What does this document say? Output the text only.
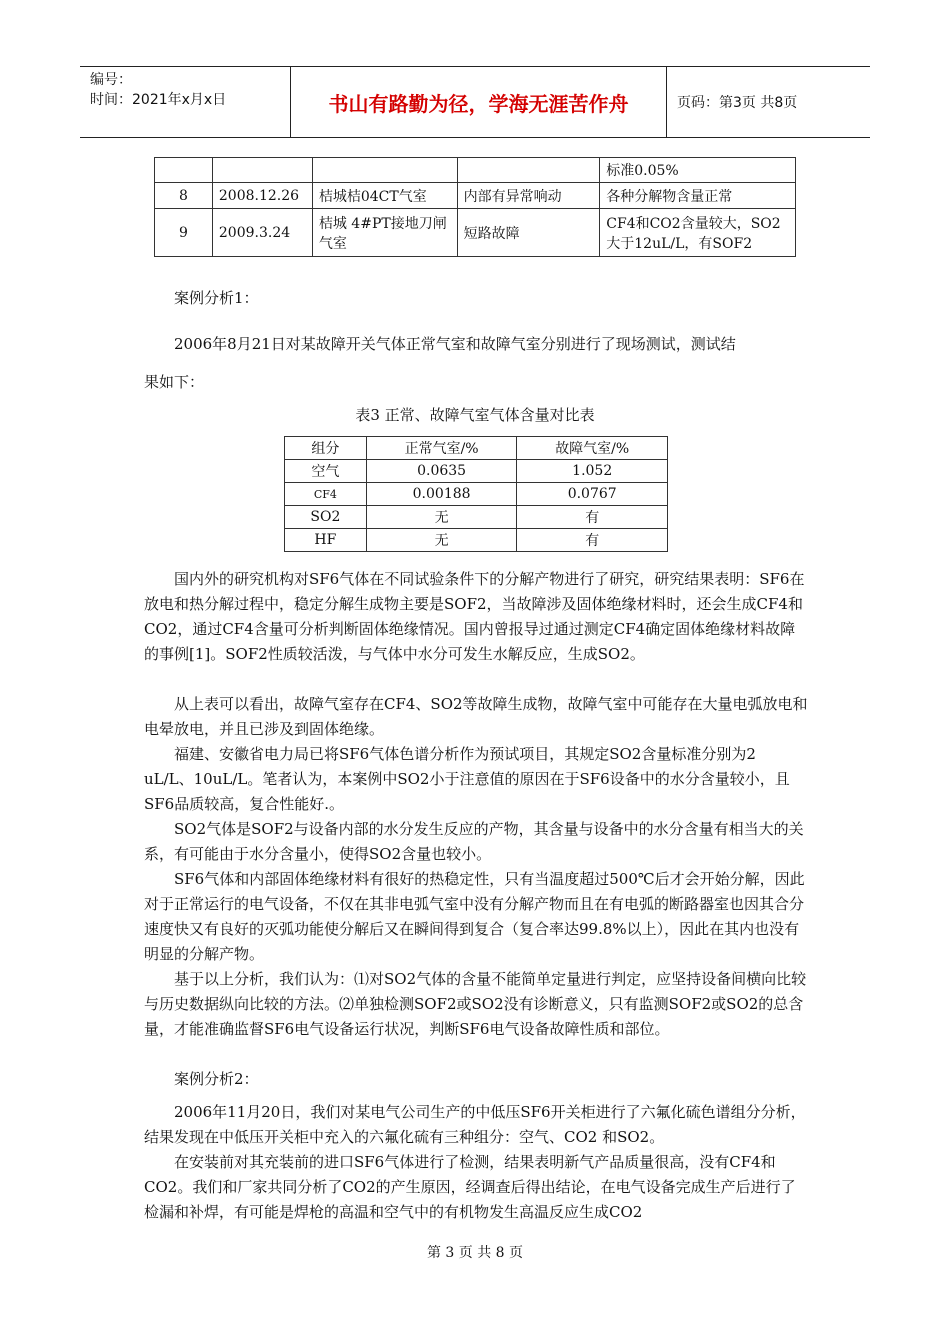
编号：
时间：2021年x月x日	书山有路勤为径，学海无涯苦作舟	页码：第3页 共8页
				标准0.05%
8	2008.12.26	桔城桔04CT气室	内部有异常响动	各种分解物含量正常
9	2009.3.24	桔城 4#PT接地刀闸气室	短路故障	CF4和CO2含量较大，SO2大于12uL/L，有SOF2

案例分析1：

2006年8月21日对某故障开关气体正常气室和故障气室分别进行了现场测试，测试结

果如下：

表3 正常、故障气室气体含量对比表
组分	正常气室/%	故障气室/%
空气	0.0635	1.052
CF4	0.00188	0.0767
SO2	无	有
HF	无	有

国内外的研究机构对SF6气体在不同试验条件下的分解产物进行了研究，研究结果表明：SF6在放电和热分解过程中，稳定分解生成物主要是SOF2，当故障涉及固体绝缘材料时，还会生成CF4和CO2，通过CF4含量可分析判断固体绝缘情况。国内曾报导过通过测定CF4确定固体绝缘材料故障的事例[1]。SOF2性质较活泼，与气体中水分可发生水解反应，生成SO2。

从上表可以看出，故障气室存在CF4、SO2等故障生成物，故障气室中可能存在大量电弧放电和电晕放电，并且已涉及到固体绝缘。

福建、安徽省电力局已将SF6气体色谱分析作为预试项目，其规定SO2含量标准分别为2 uL/L、10uL/L。笔者认为，本案例中SO2小于注意值的原因在于SF6设备中的水分含量较小，且SF6品质较高，复合性能好.。

SO2气体是SOF2与设备内部的水分发生反应的产物，其含量与设备中的水分含量有相当大的关系，有可能由于水分含量小，使得SO2含量也较小。

SF6气体和内部固体绝缘材料有很好的热稳定性，只有当温度超过500℃后才会开始分解，因此对于正常运行的电气设备，不仅在其非电弧气室中没有分解产物而且在有电弧的断路器室也因其合分速度快又有良好的灭弧功能使分解后又在瞬间得到复合（复合率达99.8%以上），因此在其内也没有明显的分解产物。

基于以上分析，我们认为：⑴对SO2气体的含量不能简单定量进行判定，应坚持设备间横向比较与历史数据纵向比较的方法。⑵单独检测SOF2或SO2没有诊断意义，只有监测SOF2或SO2的总含量，才能准确监督SF6电气设备运行状况，判断SF6电气设备故障性质和部位。

案例分析2：

2006年11月20日，我们对某电气公司生产的中低压SF6开关柜进行了六氟化硫色谱组分分析，结果发现在中低压开关柜中充入的六氟化硫有三种组分：空气、CO2 和SO2。

在安装前对其充装前的进口SF6气体进行了检测，结果表明新气产品质量很高，没有CF4和CO2。我们和厂家共同分析了CO2的产生原因，经调查后得出结论，在电气设备完成生产后进行了检漏和补焊，有可能是焊枪的高温和空气中的有机物发生高温反应生成CO2

第 3 页 共 8 页
